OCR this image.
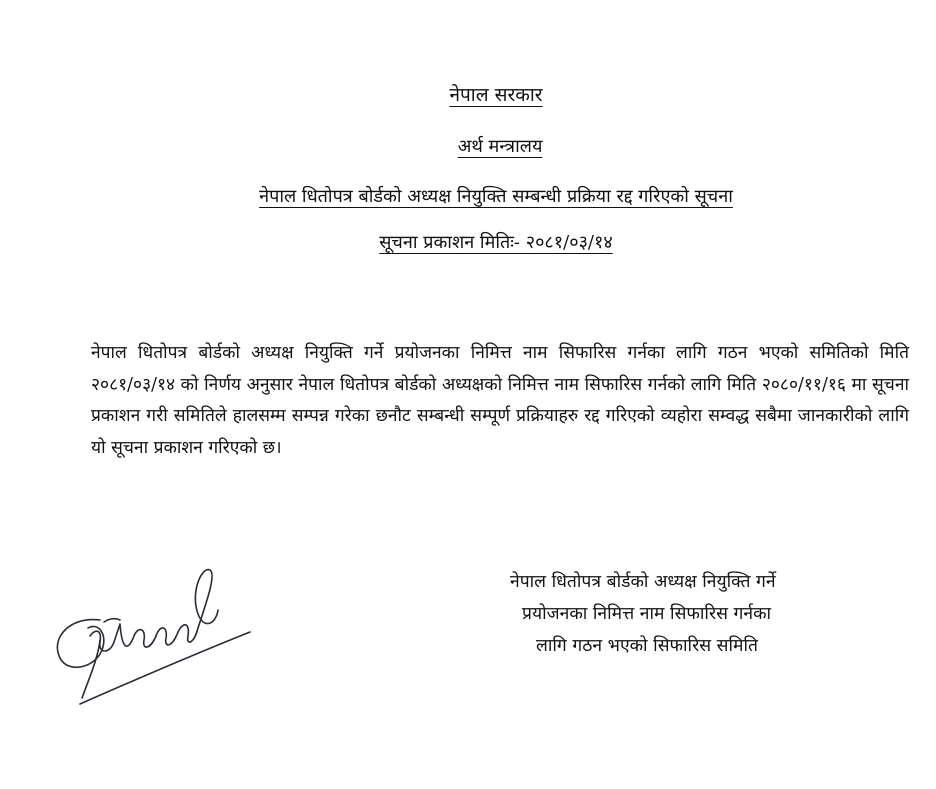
नेपाल सरकार
अर्थ मन्त्रालय
नेपाल धितोपत्र बोर्डको अध्यक्ष नियुक्ति सम्बन्धी प्रक्रिया रद्द गरिएको सूचना
सूचना प्रकाशन मितिः- २०८१/०३/१४
नेपाल धितोपत्र बोर्डको अध्यक्ष नियुक्ति गर्ने प्रयोजनका निमित्त नाम सिफारिस गर्नका लागि गठन भएको समितिको मिति २०८१/०३/१४ को निर्णय अनुसार नेपाल धितोपत्र बोर्डको अध्यक्षको निमित्त नाम सिफारिस गर्नको लागि मिति २०८०/११/१६ मा सूचना प्रकाशन गरी समितिले हालसम्म सम्पन्न गरेका छनौट सम्बन्धी सम्पूर्ण प्रक्रियाहरु रद्द गरिएको व्यहोरा सम्वद्ध सबैमा जानकारीको लागि यो सूचना प्रकाशन गरिएको छ।
नेपाल धितोपत्र बोर्डको अध्यक्ष नियुक्ति गर्ने
प्रयोजनका निमित्त नाम सिफारिस गर्नका
लागि गठन भएको सिफारिस समिति
